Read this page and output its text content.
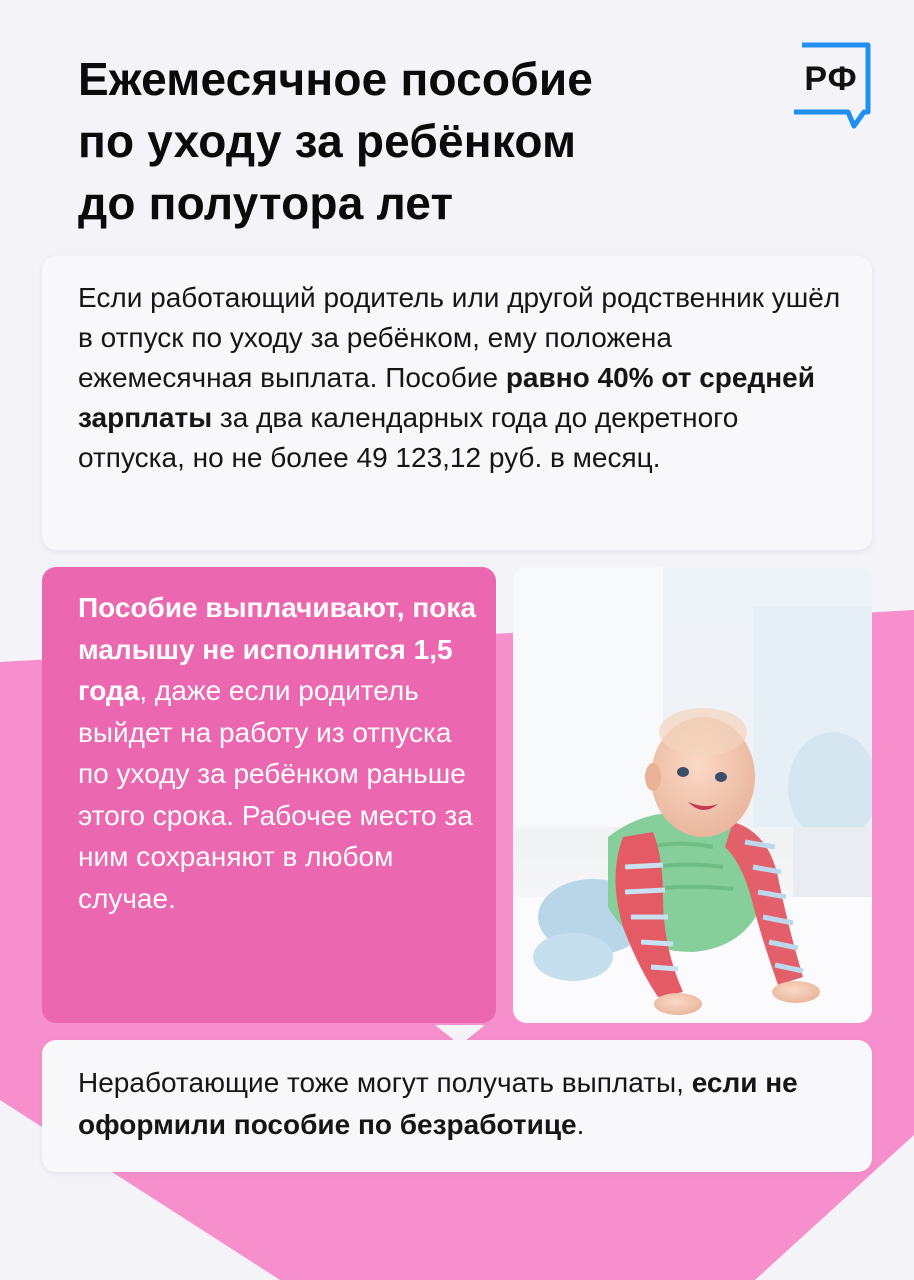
Ежемесячное пособие
по уходу за ребёнком
до полутора лет
РФ

Если работающий родитель или другой родственник ушёл в отпуск по уходу за ребёнком, ему положена ежемесячная выплата. Пособие равно 40% от средней зарплаты за два календарных года до декретного отпуска, но не более 49 123,12 руб. в месяц.

Пособие выплачивают, пока малышу не исполнится 1,5 года, даже если родитель выйдет на работу из отпуска по уходу за ребёнком раньше этого срока. Рабочее место за ним сохраняют в любом случае.

Неработающие тоже могут получать выплаты, если не оформили пособие по безработице.
